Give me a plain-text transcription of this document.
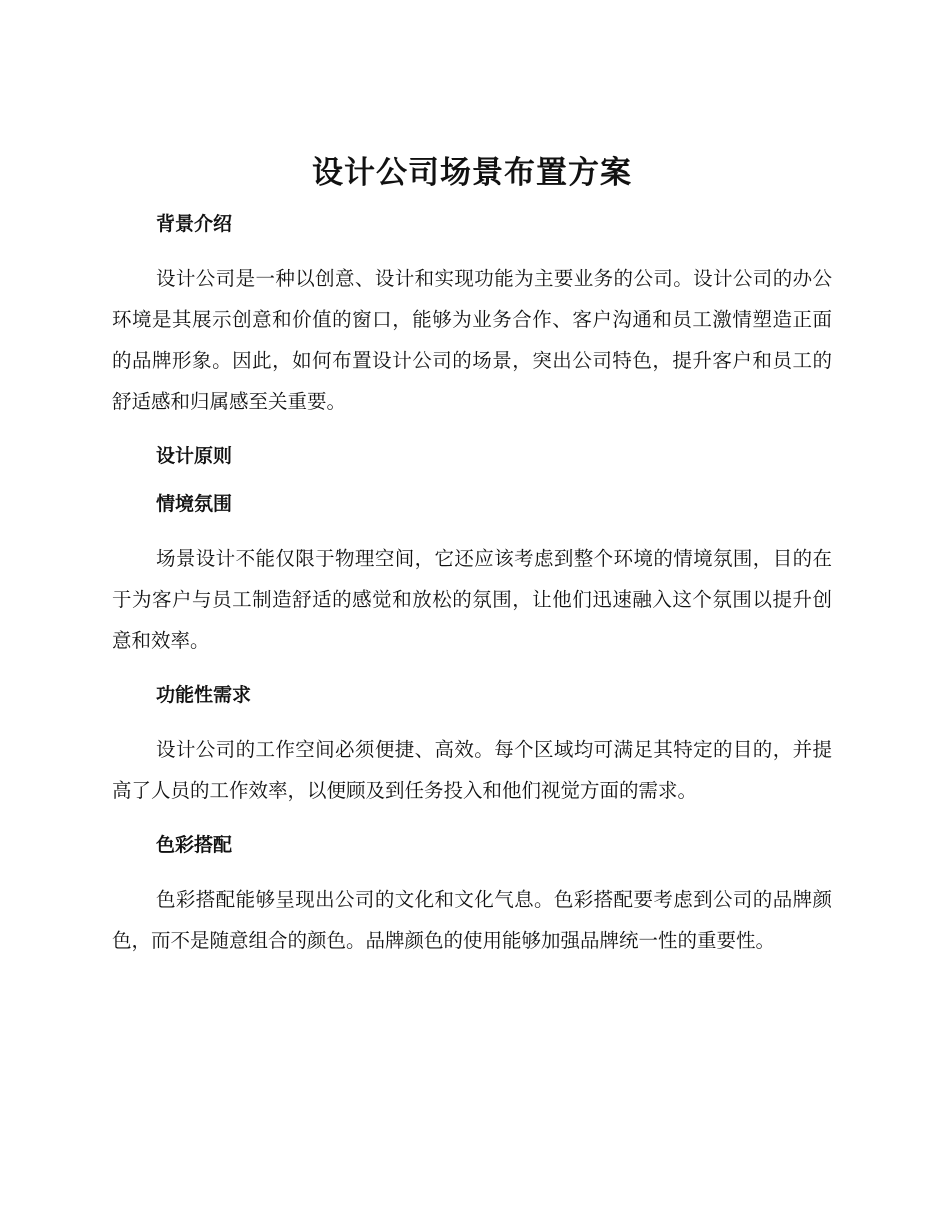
设计公司场景布置方案
背景介绍

设计公司是一种以创意、设计和实现功能为主要业务的公司。设计公司的办公环境是其展示创意和价值的窗口，能够为业务合作、客户沟通和员工激情塑造正面的品牌形象。因此，如何布置设计公司的场景，突出公司特色，提升客户和员工的舒适感和归属感至关重要。

设计原则
情境氛围

场景设计不能仅限于物理空间，它还应该考虑到整个环境的情境氛围，目的在于为客户与员工制造舒适的感觉和放松的氛围，让他们迅速融入这个氛围以提升创意和效率。

功能性需求

设计公司的工作空间必须便捷、高效。每个区域均可满足其特定的目的，并提高了人员的工作效率，以便顾及到任务投入和他们视觉方面的需求。

色彩搭配

色彩搭配能够呈现出公司的文化和文化气息。色彩搭配要考虑到公司的品牌颜色，而不是随意组合的颜色。品牌颜色的使用能够加强品牌统一性的重要性。
